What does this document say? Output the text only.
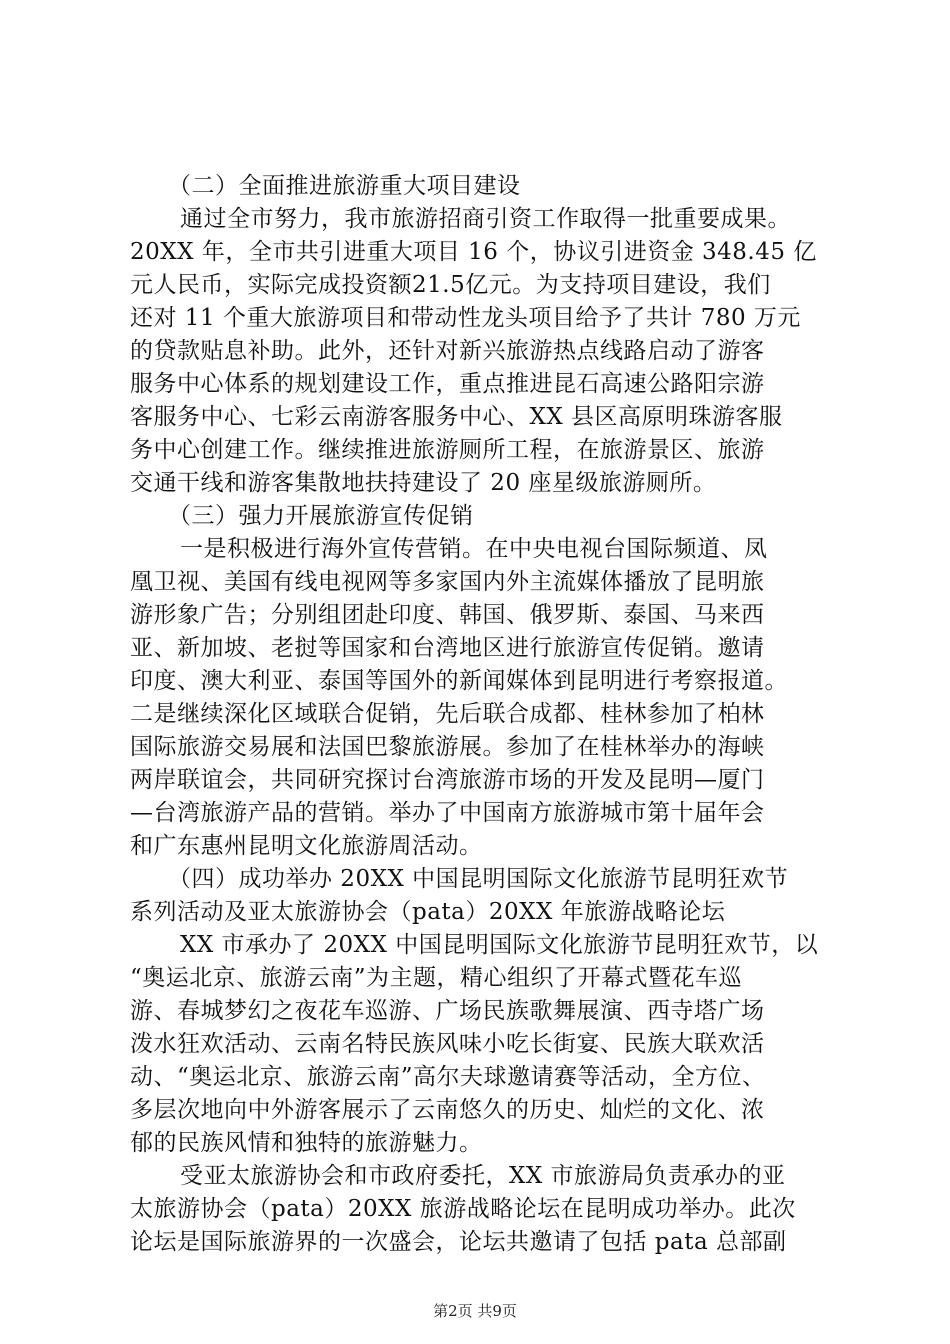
（二）全面推进旅游重大项目建设
通过全市努力，我市旅游招商引资工作取得一批重要成果。
20XX 年，全市共引进重大项目 16 个，协议引进资金 348.45 亿
元人民币，实际完成投资额21.5亿元。为支持项目建设，我们
还对 11 个重大旅游项目和带动性龙头项目给予了共计 780 万元
的贷款贴息补助。此外，还针对新兴旅游热点线路启动了游客
服务中心体系的规划建设工作，重点推进昆石高速公路阳宗游
客服务中心、七彩云南游客服务中心、XX 县区高原明珠游客服
务中心创建工作。继续推进旅游厕所工程，在旅游景区、旅游
交通干线和游客集散地扶持建设了 20 座星级旅游厕所。
（三）强力开展旅游宣传促销
一是积极进行海外宣传营销。在中央电视台国际频道、凤
凰卫视、美国有线电视网等多家国内外主流媒体播放了昆明旅
游形象广告；分别组团赴印度、韩国、俄罗斯、泰国、马来西
亚、新加坡、老挝等国家和台湾地区进行旅游宣传促销。邀请
印度、澳大利亚、泰国等国外的新闻媒体到昆明进行考察报道。
二是继续深化区域联合促销，先后联合成都、桂林参加了柏林
国际旅游交易展和法国巴黎旅游展。参加了在桂林举办的海峡
两岸联谊会，共同研究探讨台湾旅游市场的开发及昆明—厦门
—台湾旅游产品的营销。举办了中国南方旅游城市第十届年会
和广东惠州昆明文化旅游周活动。
（四）成功举办 20XX 中国昆明国际文化旅游节昆明狂欢节
系列活动及亚太旅游协会（pata）20XX 年旅游战略论坛
XX 市承办了 20XX 中国昆明国际文化旅游节昆明狂欢节，以
“奥运北京、旅游云南”为主题，精心组织了开幕式暨花车巡
游、春城梦幻之夜花车巡游、广场民族歌舞展演、西寺塔广场
泼水狂欢活动、云南名特民族风味小吃长街宴、民族大联欢活
动、“奥运北京、旅游云南”高尔夫球邀请赛等活动，全方位、
多层次地向中外游客展示了云南悠久的历史、灿烂的文化、浓
郁的民族风情和独特的旅游魅力。
受亚太旅游协会和市政府委托，XX 市旅游局负责承办的亚
太旅游协会（pata）20XX 旅游战略论坛在昆明成功举办。此次
论坛是国际旅游界的一次盛会，论坛共邀请了包括 pata 总部副
第2页 共9页
